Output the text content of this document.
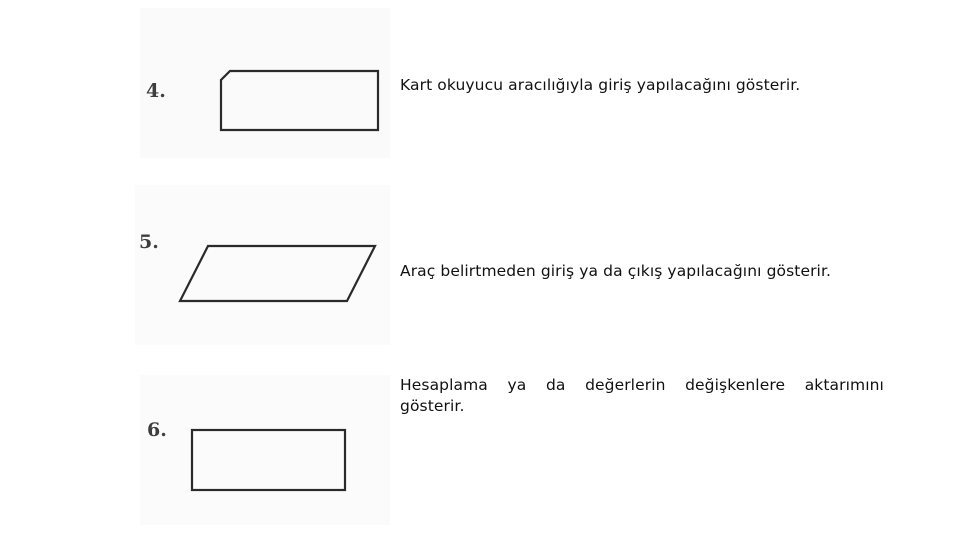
4.	Kart okuyucu aracılığıyla giriş yapılacağını gösterir.
5.
Araç belirtmeden giriş ya da çıkış yapılacağını gösterir.
6.
Hesaplama ya da değerlerin değişkenlere aktarımını
gösterir.
